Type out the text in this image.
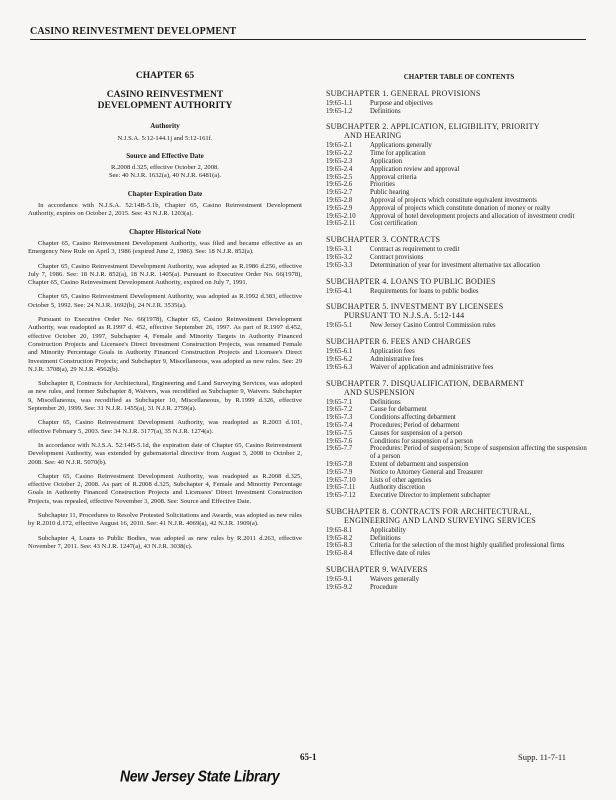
CASINO REINVESTMENT DEVELOPMENT
CHAPTER 65
CASINO REINVESTMENT
DEVELOPMENT AUTHORITY
Authority
N.J.S.A. 5:12-144.1j and 5:12-161f.
Source and Effective Date
R.2008 d.325, effective October 2, 2008.
See: 40 N.J.R. 1632(a), 40 N.J.R. 6481(a).
Chapter Expiration Date
In accordance with N.J.S.A. 52:14B-5.1b, Chapter 65, Casino Reinvestment Development Authority, expires on October 2, 2015. See: 43 N.J.R. 1203(a).
Chapter Historical Note
Chapter 65, Casino Reinvestment Development Authority, was filed and became effective as an Emergency New Rule on April 3, 1986 (expired June 2, 1986). See: 18 N.J.R. 852(a).
Chapter 65, Casino Reinvestment Development Authority, was adopted as R.1986 d.256, effective July 7, 1986. See: 18 N.J.R. 852(a), 18 N.J.R. 1405(a). Pursuant to Executive Order No. 66(1978), Chapter 65, Casino Reinvestment Development Authority, expired on July 7, 1991.
Chapter 65, Casino Reinvestment Development Authority, was adopted as R.1992 d.383, effective October 5, 1992. See: 24 N.J.R. 1692(b), 24 N.J.R. 3535(a).
Pursuant to Executive Order No. 66(1978), Chapter 65, Casino Reinvestment Development Authority, was readopted as R.1997 d. 452, effective September 26, 1997. As part of R.1997 d.452, effective October 20, 1997, Subchapter 4, Female and Minority Targets in Authority Financed Construction Projects and Licensee's Direct Investment Construction Projects, was renamed Female and Minority Percentage Goals in Authority Financed Construction Projects and Licensee's Direct Investment Construction Projects; and Subchapter 9, Miscellaneous, was adopted as new rules. See: 29 N.J.R. 3708(a), 29 N.J.R. 4562(b).
Subchapter 8, Contracts for Architectural, Engineering and Land Surveying Services, was adopted as new rules, and former Subchapter 8, Waivers, was recodified as Subchapter 9, Waivers. Subchapter 9, Miscellaneous, was recodified as Subchapter 10, Miscellaneous, by R.1999 d.326, effective September 20, 1999. See: 31 N.J.R. 1455(a), 31 N.J.R. 2759(a).
Chapter 65, Casino Reinvestment Development Authority, was readopted as R.2003 d.101, effective February 5, 2003. See: 34 N.J.R. 3177(a), 35 N.J.R. 1274(a).
In accordance with N.J.S.A. 52:14B-5.1d, the expiration date of Chapter 65, Casino Reinvestment Development Authority, was extended by gubernatorial directive from August 3, 2008 to October 2, 2008. See: 40 N.J.R. 5070(b).
Chapter 65, Casino Reinvestment Development Authority, was readopted as R.2008 d.325, effective October 2, 2008. As part of R.2008 d.325, Subchapter 4, Female and Minority Percentage Goals in Authority Financed Construction Projects and Licensees' Direct Investment Construction Projects, was repealed, effective November 3, 2008. See: Source and Effective Date.
Subchapter 11, Procedures to Resolve Protested Solicitations and Awards, was adopted as new rules by R.2010 d.172, effective August 16, 2010. See: 41 N.J.R. 4069(a), 42 N.J.R. 1909(a).
Subchapter 4, Loans to Public Bodies, was adopted as new rules by R.2011 d.263, effective November 7, 2011. See: 43 N.J.R. 1247(a), 43 N.J.R. 3038(c).
CHAPTER TABLE OF CONTENTS
SUBCHAPTER 1. GENERAL PROVISIONS
19:65-1.1	Purpose and objectives
19:65-1.2	Definitions
SUBCHAPTER 2. APPLICATION, ELIGIBILITY, PRIORITY
AND HEARING
19:65-2.1	Applications generally
19:65-2.2	Time for application
19:65-2.3	Application
19:65-2.4	Application review and approval
19:65-2.5	Approval criteria
19:65-2.6	Priorities
19:65-2.7	Public hearing
19:65-2.8	Approval of projects which constitute equivalent investments
19:65-2.9	Approval of projects which constitute donation of money or realty
19:65-2.10	Approval of hotel development projects and allocation of investment credit
19:65-2.11	Cost certification
SUBCHAPTER 3. CONTRACTS
19:65-3.1	Contract as requirement to credit
19:65-3.2	Contract provisions
19:65-3.3	Determination of year for investment alternative tax allocation
SUBCHAPTER 4. LOANS TO PUBLIC BODIES
19:65-4.1	Requirements for loans to public bodies
SUBCHAPTER 5. INVESTMENT BY LICENSEES
PURSUANT TO N.J.S.A. 5:12-144
19:65-5.1	New Jersey Casino Control Commission rules
SUBCHAPTER 6. FEES AND CHARGES
19:65-6.1	Application fees
19:65-6.2	Administrative fees
19:65-6.3	Waiver of application and administrative fees
SUBCHAPTER 7. DISQUALIFICATION, DEBARMENT
AND SUSPENSION
19:65-7.1	Definitions
19:65-7.2	Cause for debarment
19:65-7.3	Conditions affecting debarment
19:65-7.4	Procedures; Period of debarment
19:65-7.5	Causes for suspension of a person
19:65-7.6	Conditions for suspension of a person
19:65-7.7	Procedures: Period of suspension; Scope of suspension affecting the suspension of a person
19:65-7.8	Extent of debarment and suspension
19:65-7.9	Notice to Attorney General and Treasurer
19:65-7.10	Lists of other agencies
19:65-7.11	Authority discretion
19:65-7.12	Executive Director to implement subchapter
SUBCHAPTER 8. CONTRACTS FOR ARCHITECTURAL,
ENGINEERING AND LAND SURVEYING SERVICES
19:65-8.1	Applicability
19:65-8.2	Definitions
19:65-8.3	Criteria for the selection of the most highly qualified professional firms
19:65-8.4	Effective date of rules
SUBCHAPTER 9. WAIVERS
19:65-9.1	Waivers generally
19:65-9.2	Procedure
65-1	Supp. 11-7-11
New Jersey State Library
